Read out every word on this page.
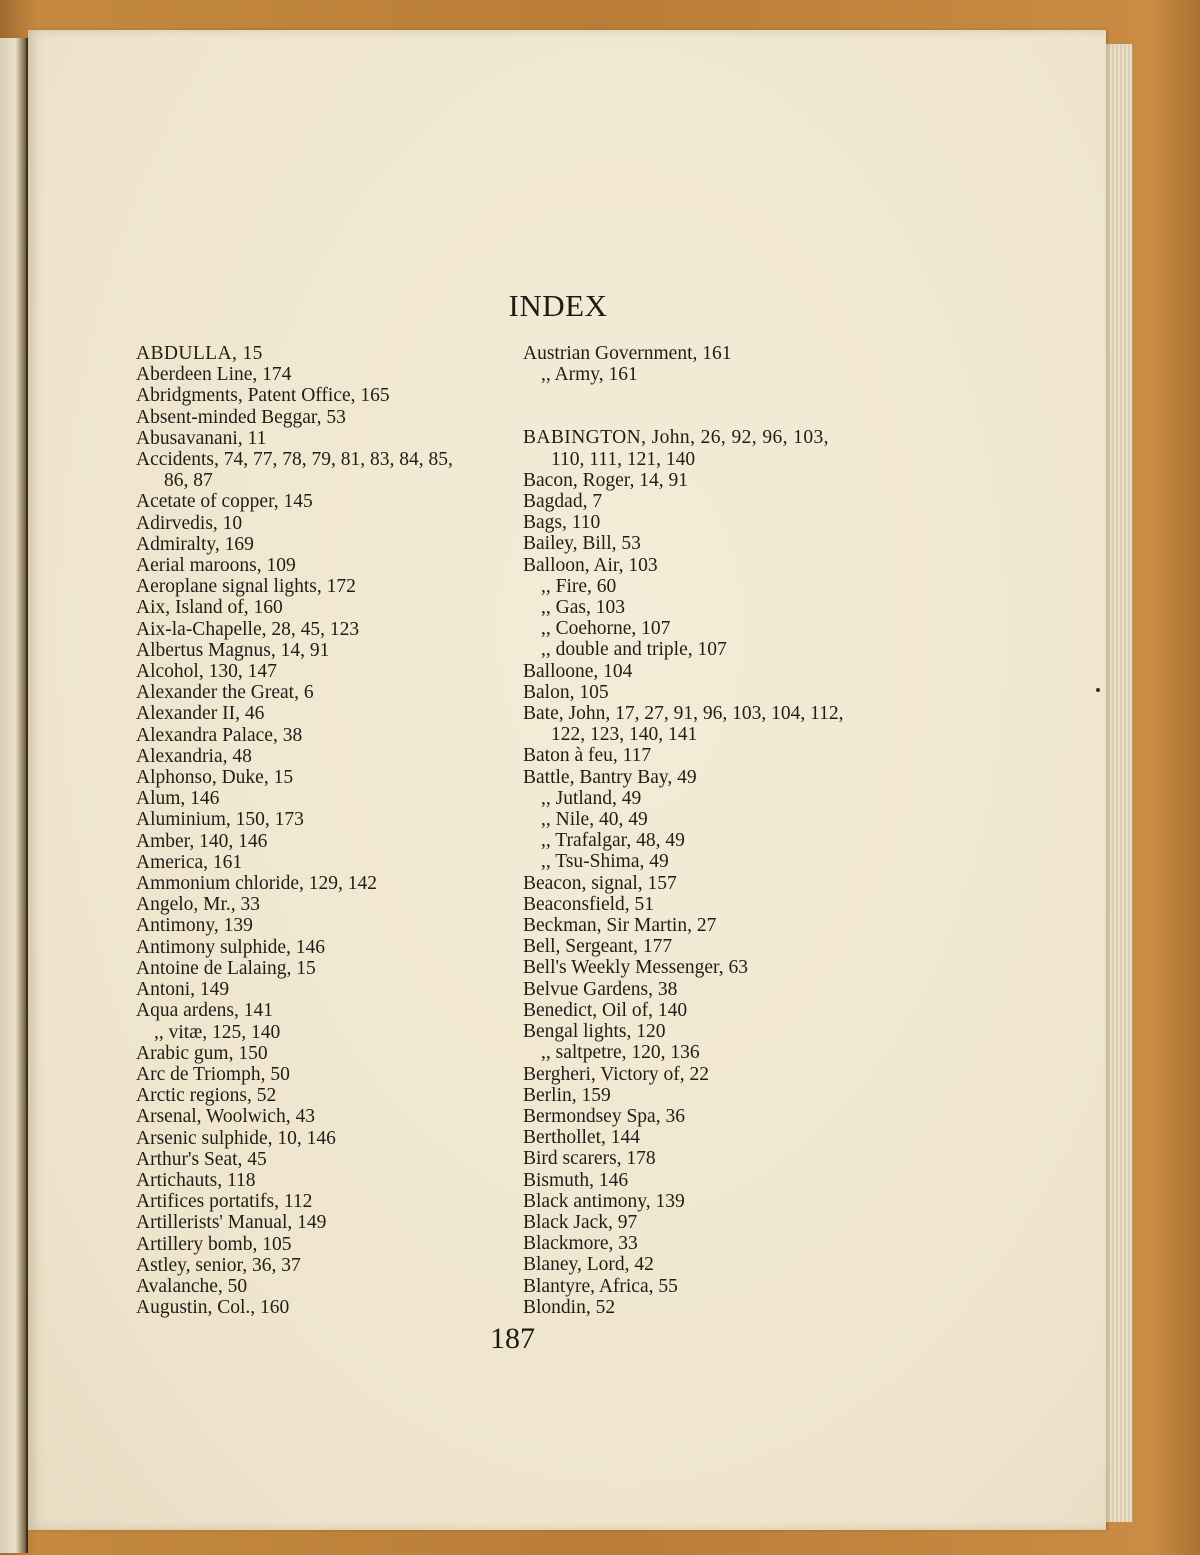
INDEX
ABDULLA, 15
Aberdeen Line, 174
Abridgments, Patent Office, 165
Absent-minded Beggar, 53
Abusavanani, 11
Accidents, 74, 77, 78, 79, 81, 83, 84, 85,
86, 87
Acetate of copper, 145
Adirvedis, 10
Admiralty, 169
Aerial maroons, 109
Aeroplane signal lights, 172
Aix, Island of, 160
Aix-la-Chapelle, 28, 45, 123
Albertus Magnus, 14, 91
Alcohol, 130, 147
Alexander the Great, 6
Alexander II, 46
Alexandra Palace, 38
Alexandria, 48
Alphonso, Duke, 15
Alum, 146
Aluminium, 150, 173
Amber, 140, 146
America, 161
Ammonium chloride, 129, 142
Angelo, Mr., 33
Antimony, 139
Antimony sulphide, 146
Antoine de Lalaing, 15
Antoni, 149
Aqua ardens, 141
,, vitæ, 125, 140
Arabic gum, 150
Arc de Triomph, 50
Arctic regions, 52
Arsenal, Woolwich, 43
Arsenic sulphide, 10, 146
Arthur's Seat, 45
Artichauts, 118
Artifices portatifs, 112
Artillerists' Manual, 149
Artillery bomb, 105
Astley, senior, 36, 37
Avalanche, 50
Augustin, Col., 160
Austrian Government, 161
,, Army, 161
BABINGTON, John, 26, 92, 96, 103,
110, 111, 121, 140
Bacon, Roger, 14, 91
Bagdad, 7
Bags, 110
Bailey, Bill, 53
Balloon, Air, 103
,, Fire, 60
,, Gas, 103
,, Coehorne, 107
,, double and triple, 107
Balloone, 104
Balon, 105
Bate, John, 17, 27, 91, 96, 103, 104, 112,
122, 123, 140, 141
Baton à feu, 117
Battle, Bantry Bay, 49
,, Jutland, 49
,, Nile, 40, 49
,, Trafalgar, 48, 49
,, Tsu-Shima, 49
Beacon, signal, 157
Beaconsfield, 51
Beckman, Sir Martin, 27
Bell, Sergeant, 177
Bell's Weekly Messenger, 63
Belvue Gardens, 38
Benedict, Oil of, 140
Bengal lights, 120
,, saltpetre, 120, 136
Bergheri, Victory of, 22
Berlin, 159
Bermondsey Spa, 36
Berthollet, 144
Bird scarers, 178
Bismuth, 146
Black antimony, 139
Black Jack, 97
Blackmore, 33
Blaney, Lord, 42
Blantyre, Africa, 55
Blondin, 52
187
